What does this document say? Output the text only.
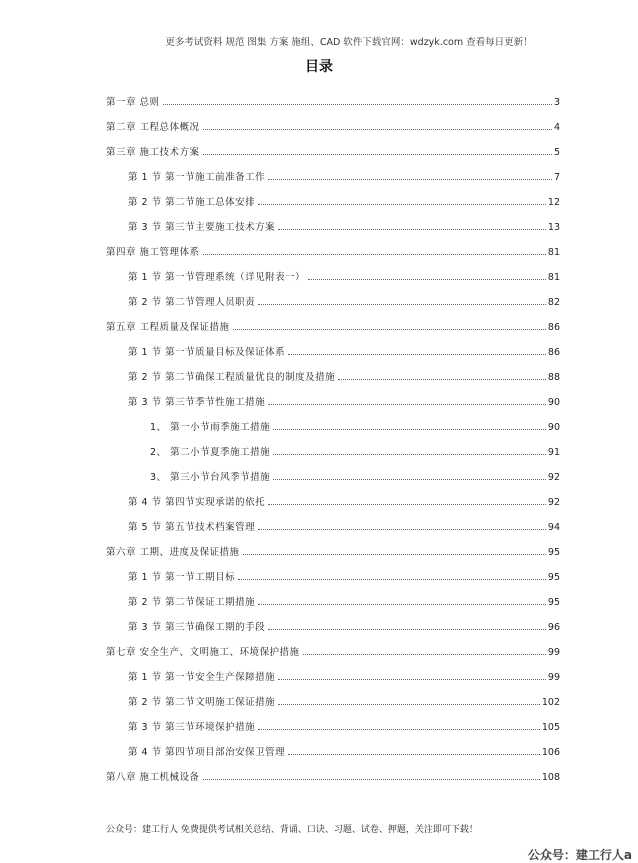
更多考试资料 规范 图集 方案 施组、CAD 软件下载官网：wdzyk.com 查看每日更新！
目录
第一章 总则	3
第二章 工程总体概况	4
第三章 施工技术方案	5
第 1 节 第一节施工前准备工作	7
第 2 节 第二节施工总体安排	12
第 3 节 第三节主要施工技术方案	13
第四章 施工管理体系	81
第 1 节 第一节管理系统（详见附表一）	81
第 2 节 第二节管理人员职责	82
第五章 工程质量及保证措施	86
第 1 节 第一节质量目标及保证体系	86
第 2 节 第二节确保工程质量优良的制度及措施	88
第 3 节 第三节季节性施工措施	90
1、 第一小节雨季施工措施	90
2、 第二小节夏季施工措施	91
3、 第三小节台风季节措施	92
第 4 节 第四节实现承诺的依托	92
第 5 节 第五节技术档案管理	94
第六章 工期、进度及保证措施	95
第 1 节 第一节工期目标	95
第 2 节 第二节保证工期措施	95
第 3 节 第三节确保工期的手段	96
第七章 安全生产、文明施工、环境保护措施	99
第 1 节 第一节安全生产保障措施	99
第 2 节 第二节文明施工保证措施	102
第 3 节 第三节环境保护措施	105
第 4 节 第四节项目部治安保卫管理	106
第八章 施工机械设备	108
公众号：建工行人 免费提供考试相关总结、背诵、口诀、习题、试卷、押题，关注即可下载！
公众号：建工行人a
